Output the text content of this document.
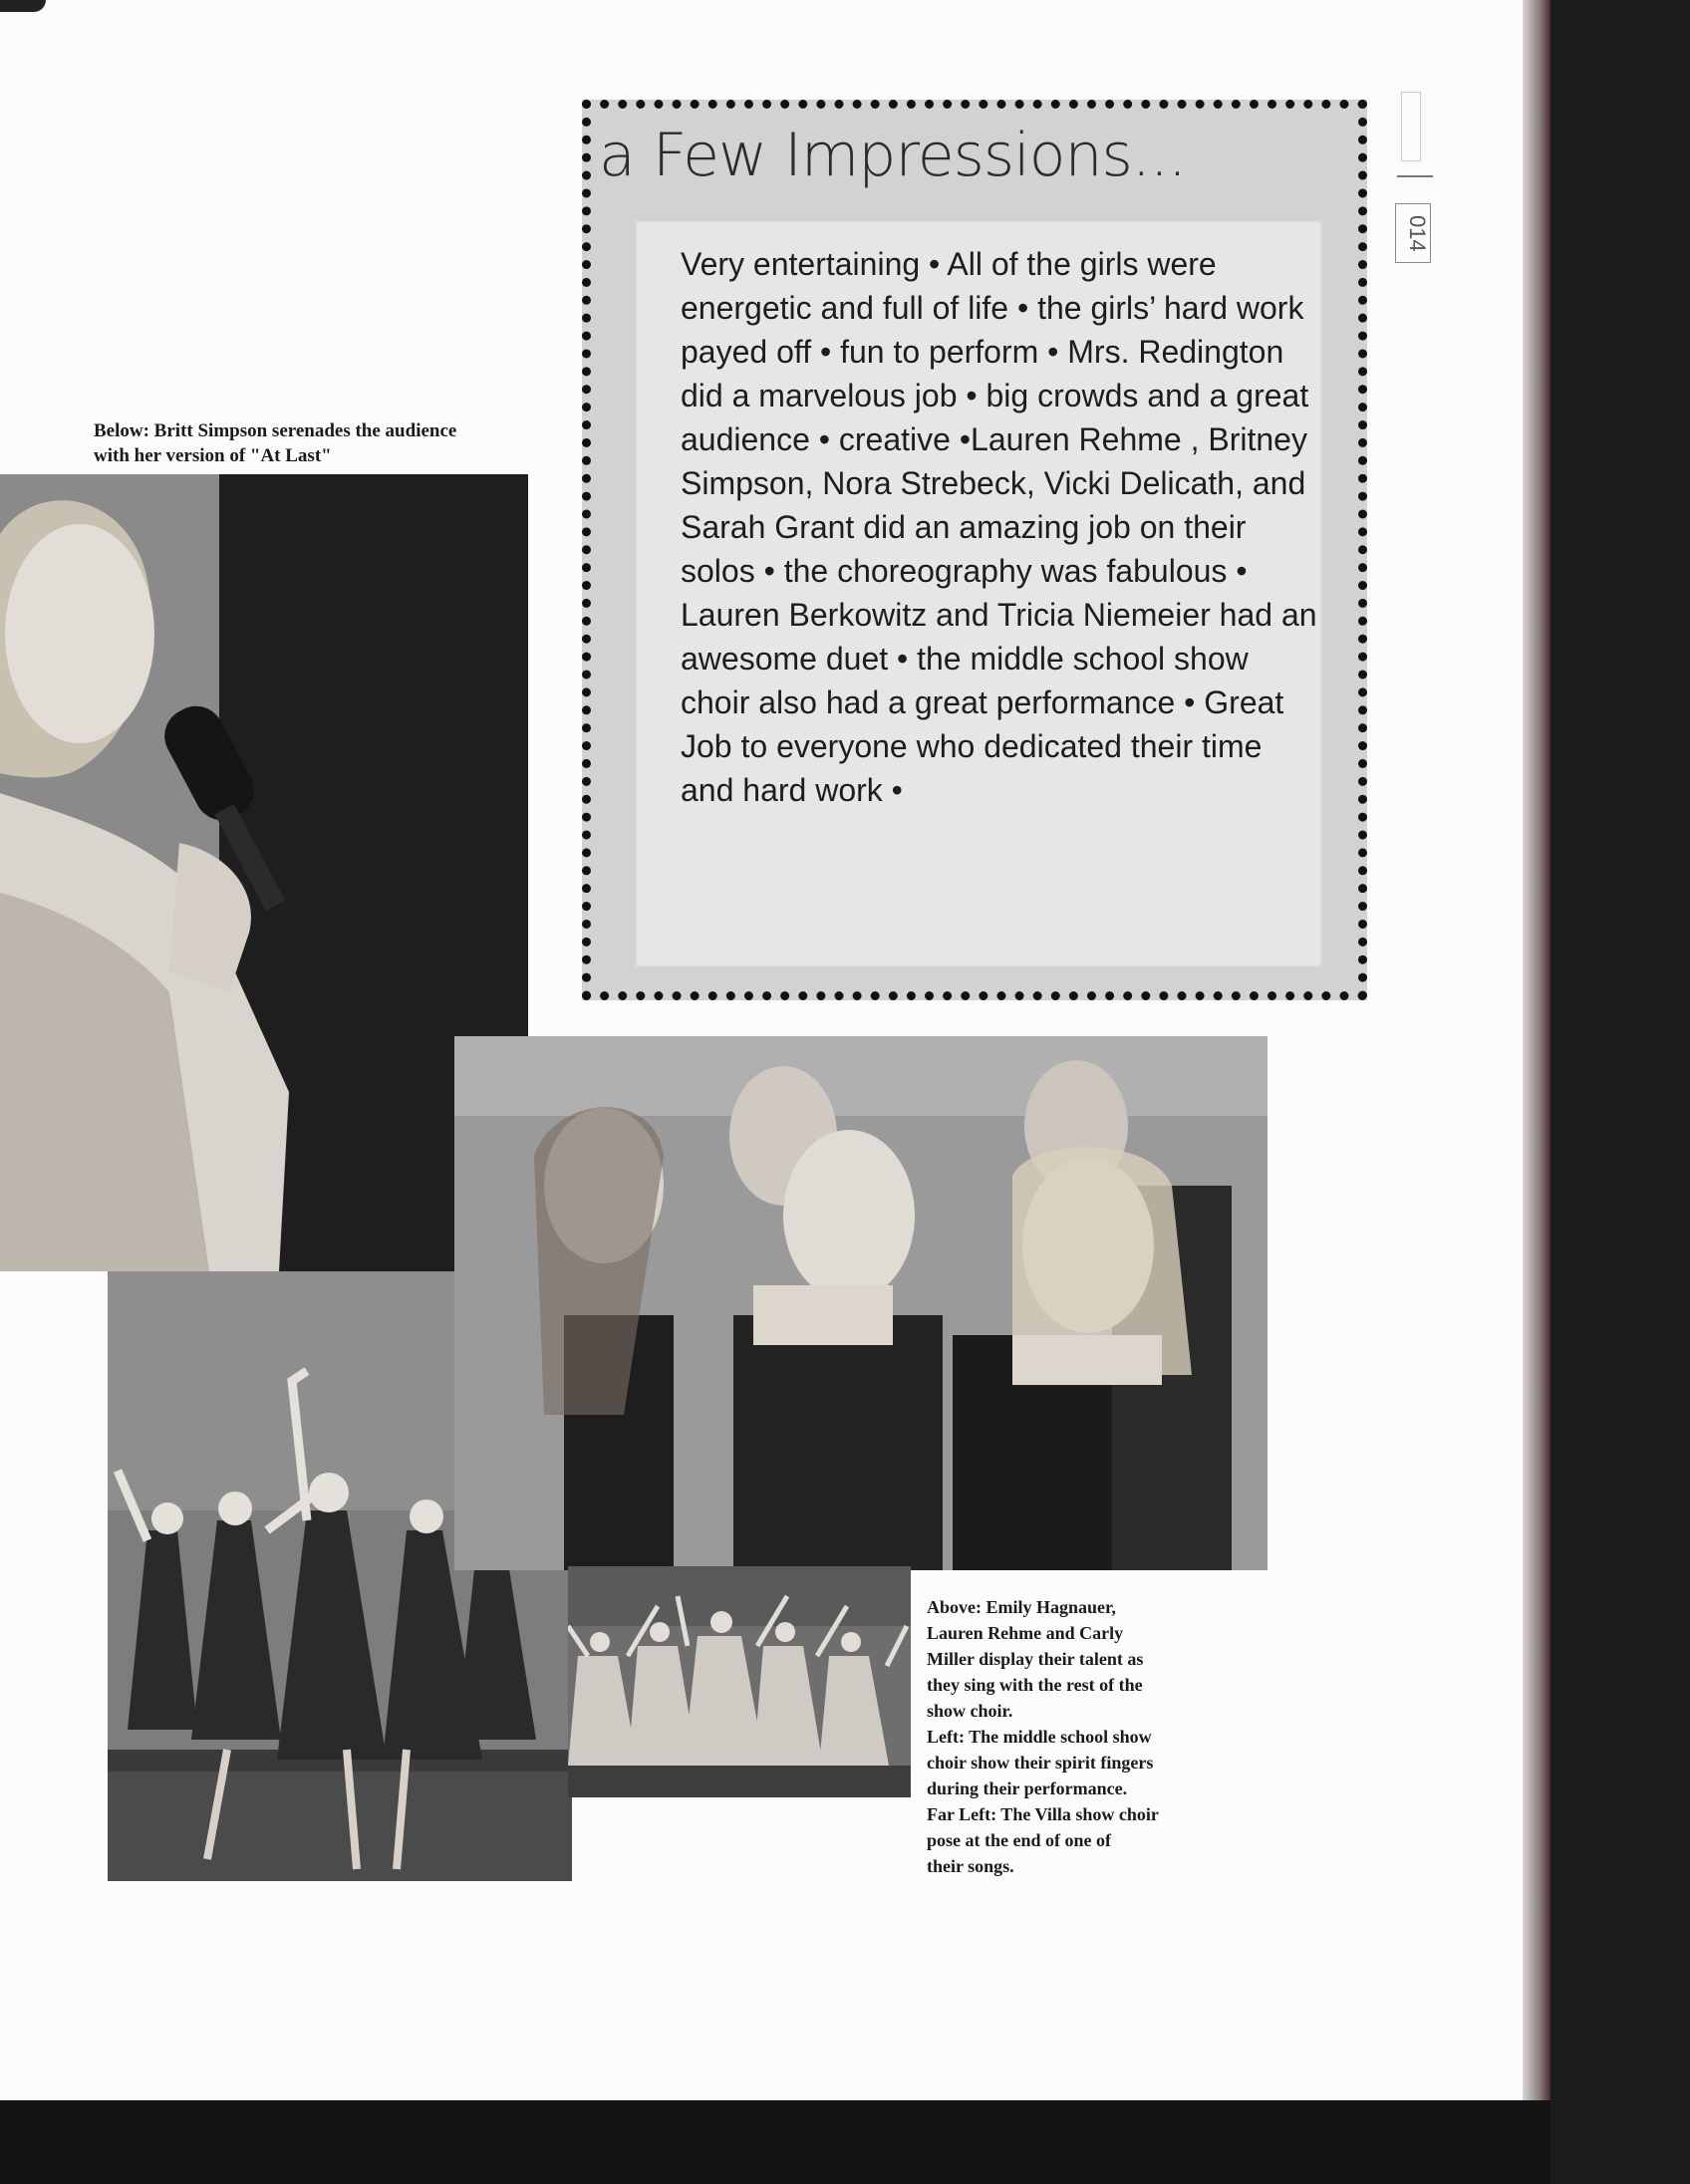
Below: Britt Simpson serenades the audience with her version of "At Last"
Above: Emily Hagnauer,
Lauren Rehme and Carly
Miller display their talent as
they sing with the rest of the
show choir.
Left: The middle school show
choir show their spirit fingers
during their performance.
Far Left: The Villa show choir
pose at the end of one of
their songs.
a Few Impressions...
Very entertaining • All of the girls were energetic and full of life • the girls’ hard work payed off • fun to perform • Mrs. Redington did a marvelous job • big crowds and a great audience • creative •Lauren Rehme , Britney Simpson, Nora Strebeck, Vicki Delicath, and Sarah Grant did an amazing job on their solos • the choreography was fabulous • Lauren Berkowitz and Tricia Niemeier had an awesome duet • the middle school show choir also had a great performance • Great Job to everyone who dedicated their time and hard work •
014
